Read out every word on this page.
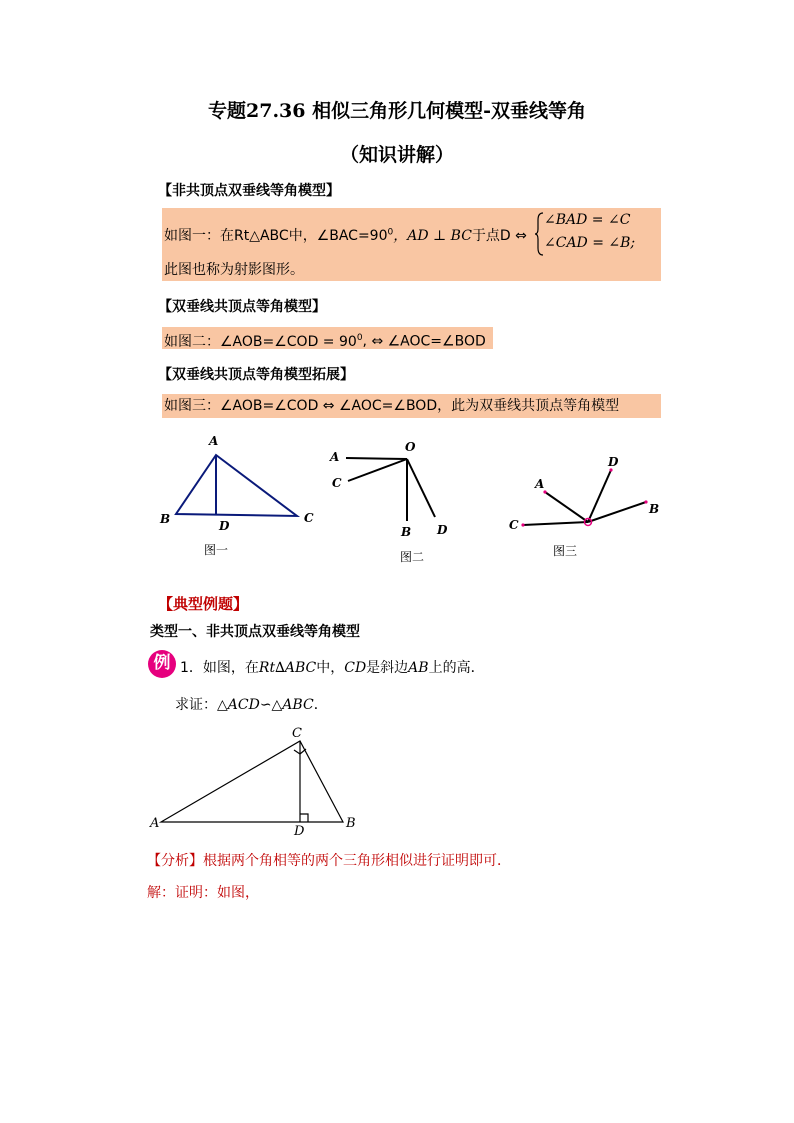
专题27.36 相似三角形几何模型-双垂线等角
（知识讲解）
【非共顶点双垂线等角模型】
如图一：在Rt△ABC中，$\angle BAC=90^0$，AD ⊥ BC于点D ⇔
∠BAD = ∠C
∠CAD = ∠B;
此图也称为射影图形。
【双垂线共顶点等角模型】
如图二：∠AOB=∠COD = $90^0$, ⇔ ∠AOC=∠BOD
【双垂线共顶点等角模型拓展】
如图三：∠AOB=∠COD ⇔ ∠AOC=∠BOD，此为双垂线共顶点等角模型
A
B	C
D
图一
O
A
C
B D
图二
A
D
B
C
图三
【典型例题】
类型一、非共顶点双垂线等角模型
例 1．如图，在Rt∆ABC中，CD是斜边AB上的高．
求证：△ACD∽△ABC．
C
A	B
D
【分析】根据两个角相等的两个三角形相似进行证明即可．
解：证明：如图，
